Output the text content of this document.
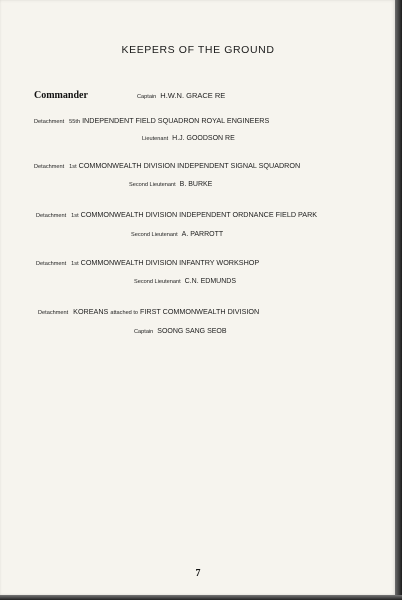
KEEPERS OF THE GROUND
Commander	Captain H.W.N. GRACE RE
Detachment 55th INDEPENDENT FIELD SQUADRON ROYAL ENGINEERS
Lieutenant H.J. GOODSON RE
Detachment 1st COMMONWEALTH DIVISION INDEPENDENT SIGNAL SQUADRON
Second Lieutenant B. BURKE
Detachment 1st COMMONWEALTH DIVISION INDEPENDENT ORDNANCE FIELD PARK
Second Lieutenant A. PARROTT
Detachment 1st COMMONWEALTH DIVISION INFANTRY WORKSHOP
Second Lieutenant C.N. EDMUNDS
Detachment KOREANS attached to FIRST COMMONWEALTH DIVISION
Captain SOONG SANG SEOB
7
